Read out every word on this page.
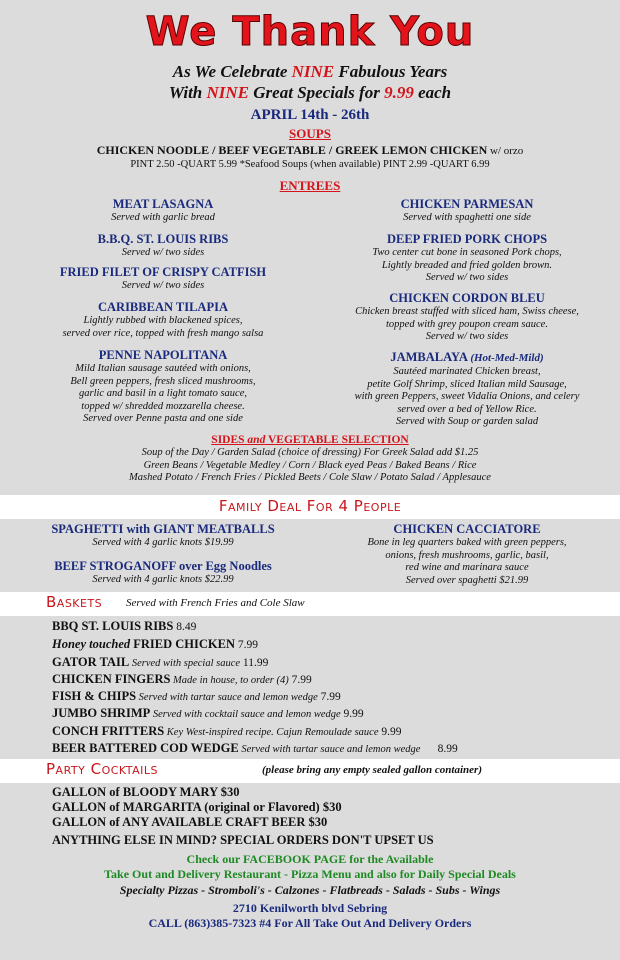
We Thank You
As We Celebrate NINE Fabulous Years
With NINE Great Specials for 9.99 each
APRIL 14th - 26th
SOUPS
CHICKEN NOODLE / BEEF VEGETABLE / GREEK LEMON CHICKEN w/ orzo
PINT 2.50 -QUART 5.99 *Seafood Soups (when available) PINT 2.99 -QUART 6.99
ENTREES
MEAT LASAGNA
Served with garlic bread
B.B.Q. ST. LOUIS RIBS
Served w/ two sides
FRIED FILET OF CRISPY CATFISH
Served w/ two sides
CARIBBEAN TILAPIA
Lightly rubbed with blackened spices,
served over rice, topped with fresh mango salsa
PENNE NAPOLITANA
Mild Italian sausage sautéed with onions,
Bell green peppers, fresh sliced mushrooms,
garlic and basil in a light tomato sauce,
topped w/ shredded mozzarella cheese.
Served over Penne pasta and one side
CHICKEN PARMESAN
Served with spaghetti one side
DEEP FRIED PORK CHOPS
Two center cut bone in seasoned Pork chops,
Lightly breaded and fried golden brown.
Served w/ two sides
CHICKEN CORDON BLEU
Chicken breast stuffed with sliced ham, Swiss cheese,
topped with grey poupon cream sauce.
Served w/ two sides
JAMBALAYA (Hot-Med-Mild)
Sautéed marinated Chicken breast,
petite Golf Shrimp, sliced Italian mild Sausage,
with green Peppers, sweet Vidalia Onions, and celery
served over a bed of Yellow Rice.
Served with Soup or garden salad
SIDES and VEGETABLE SELECTION
Soup of the Day / Garden Salad (choice of dressing) For Greek Salad add $1.25
Green Beans / Vegetable Medley / Corn / Black eyed Peas / Baked Beans / Rice
Mashed Potato / French Fries / Pickled Beets / Cole Slaw / Potato Salad / Applesauce
Family Deal For 4 People
SPAGHETTI with GIANT MEATBALLS
Served with 4 garlic knots $19.99
BEEF STROGANOFF over Egg Noodles
Served with 4 garlic knots $22.99
CHICKEN CACCIATORE
Bone in leg quarters baked with green peppers,
onions, fresh mushrooms, garlic, basil,
red wine and marinara sauce
Served over spaghetti $21.99
Baskets Served with French Fries and Cole Slaw
BBQ ST. LOUIS RIBS 8.49
Honey touched FRIED CHICKEN 7.99
GATOR TAIL Served with special sauce 11.99
CHICKEN FINGERS Made in house, to order (4) 7.99
FISH & CHIPS Served with tartar sauce and lemon wedge 7.99
JUMBO SHRIMP Served with cocktail sauce and lemon wedge 9.99
CONCH FRITTERS Key West-inspired recipe. Cajun Remoulade sauce 9.99
BEER BATTERED COD WEDGE Served with tartar sauce and lemon wedge      8.99
Party Cocktails	(please bring any empty sealed gallon container)
GALLON of BLOODY MARY $30
GALLON of MARGARITA (original or Flavored) $30
GALLON of ANY AVAILABLE CRAFT BEER $30
ANYTHING ELSE IN MIND? SPECIAL ORDERS DON'T UPSET US
Check our FACEBOOK PAGE for the Available
Take Out and Delivery Restaurant - Pizza Menu and also for Daily Special Deals
Specialty Pizzas - Stromboli's - Calzones - Flatbreads - Salads - Subs - Wings
2710 Kenilworth blvd Sebring
CALL (863)385-7323 #4 For All Take Out And Delivery Orders
